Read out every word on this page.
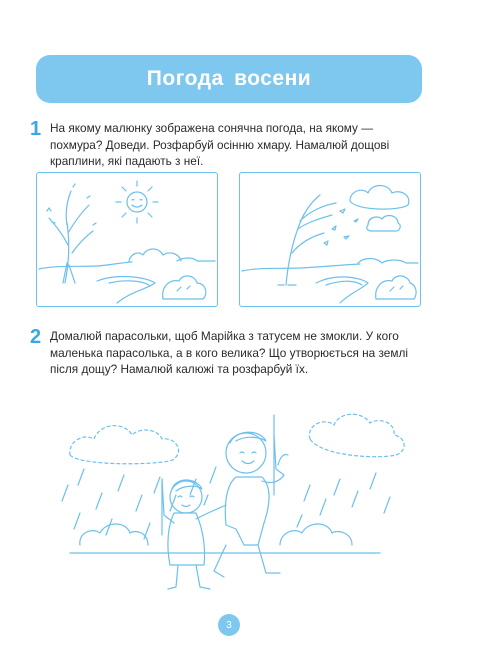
Погода восени
1 На якому малюнку зображена сонячна погода, на якому — похмура? Доведи. Розфарбуй осінню хмару. Намалюй дощові краплини, які падають з неї.

2 Домалюй парасольки, щоб Марійка з татусем не змокли. У кого маленька парасолька, а в кого велика? Що утворюється на землі після дощу? Намалюй калюжі та розфарбуй їх.

3
